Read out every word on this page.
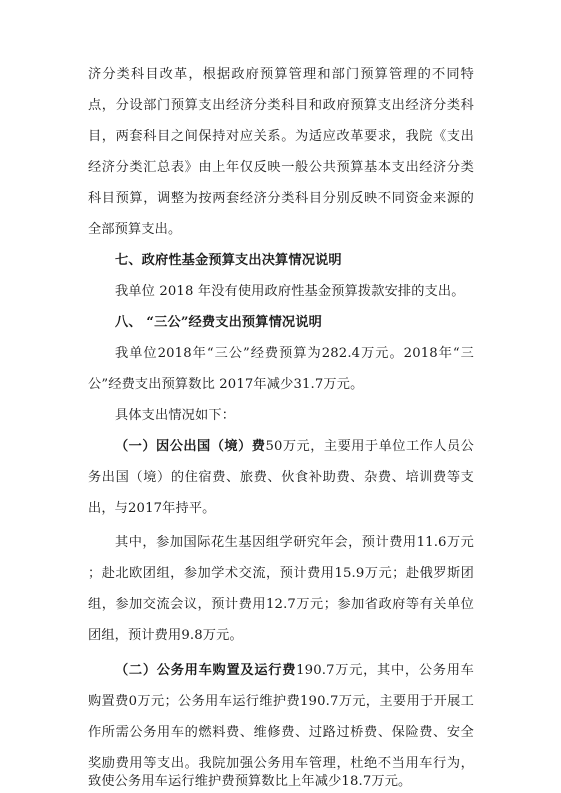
济分类科目改革，根据政府预算管理和部门预算管理的不同特
点，分设部门预算支出经济分类科目和政府预算支出经济分类科
目，两套科目之间保持对应关系。为适应改革要求，我院《支出
经济分类汇总表》由上年仅反映一般公共预算基本支出经济分类
科目预算，调整为按两套经济分类科目分别反映不同资金来源的
全部预算支出。
七、政府性基金预算支出决算情况说明
我单位 2018 年没有使用政府性基金预算拨款安排的支出。
八、 “三公”经费支出预算情况说明
我单位2018年“三公”经费预算为282.4万元。2018年“三
公”经费支出预算数比 2017年减少31.7万元。
具体支出情况如下：
（一）因公出国（境）费50万元，主要用于单位工作人员公
务出国（境）的住宿费、旅费、伙食补助费、杂费、培训费等支
出，与2017年持平。
其中，参加国际花生基因组学研究年会，预计费用11.6万元
；赴北欧团组，参加学术交流，预计费用15.9万元；赴俄罗斯团
组，参加交流会议，预计费用12.7万元；参加省政府等有关单位
团组，预计费用9.8万元。
（二）公务用车购置及运行费190.7万元，其中，公务用车
购置费0万元；公务用车运行维护费190.7万元，主要用于开展工
作所需公务用车的燃料费、维修费、过路过桥费、保险费、安全
奖励费用等支出。我院加强公务用车管理，杜绝不当用车行为，
致使公务用车运行维护费预算数比上年减少18.7万元。
